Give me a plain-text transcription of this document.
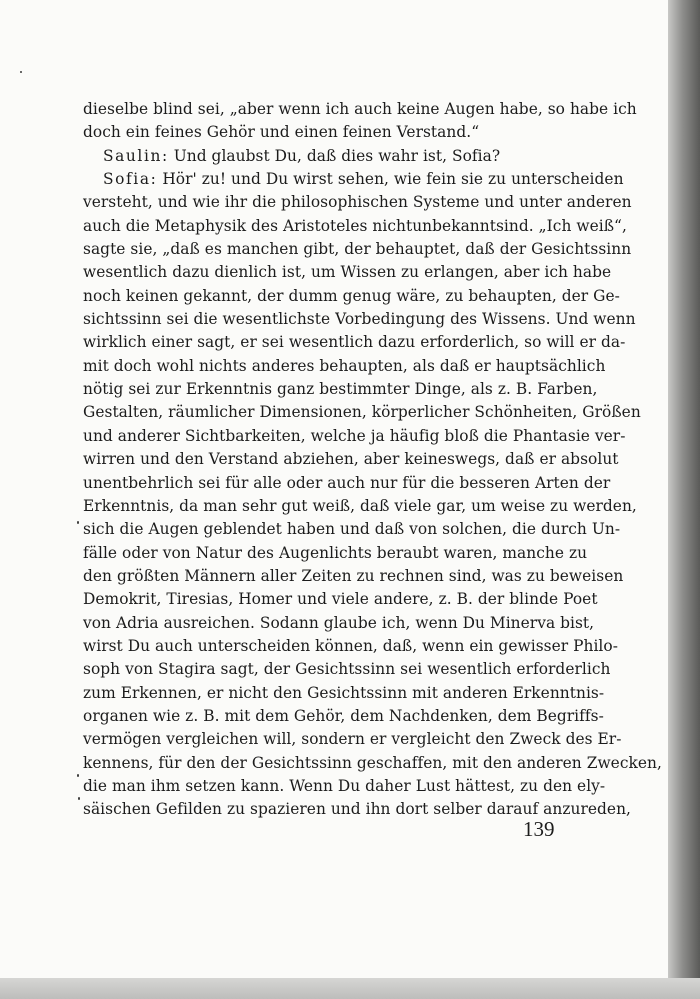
dieselbe blind sei, „aber wenn ich auch keine Augen habe, so habe ich
doch ein feines Gehör und einen feinen Verstand.“
Saulin: Und glaubst Du, daß dies wahr ist, Sofia?
Sofia: Hör' zu! und Du wirst sehen, wie fein sie zu unterscheiden
versteht, und wie ihr die philosophischen Systeme und unter anderen
auch die Metaphysik des Aristoteles nichtunbekanntsind. „Ich weiß“,
sagte sie, „daß es manchen gibt, der behauptet, daß der Gesichtssinn
wesentlich dazu dienlich ist, um Wissen zu erlangen, aber ich habe
noch keinen gekannt, der dumm genug wäre, zu behaupten, der Ge-
sichtssinn sei die wesentlichste Vorbedingung des Wissens. Und wenn
wirklich einer sagt, er sei wesentlich dazu erforderlich, so will er da-
mit doch wohl nichts anderes behaupten, als daß er hauptsächlich
nötig sei zur Erkenntnis ganz bestimmter Dinge, als z. B. Farben,
Gestalten, räumlicher Dimensionen, körperlicher Schönheiten, Größen
und anderer Sichtbarkeiten, welche ja häufig bloß die Phantasie ver-
wirren und den Verstand abziehen, aber keineswegs, daß er absolut
unentbehrlich sei für alle oder auch nur für die besseren Arten der
Erkenntnis, da man sehr gut weiß, daß viele gar, um weise zu werden,
sich die Augen geblendet haben und daß von solchen, die durch Un-
fälle oder von Natur des Augenlichts beraubt waren, manche zu
den größten Männern aller Zeiten zu rechnen sind, was zu beweisen
Demokrit, Tiresias, Homer und viele andere, z. B. der blinde Poet
von Adria ausreichen. Sodann glaube ich, wenn Du Minerva bist,
wirst Du auch unterscheiden können, daß, wenn ein gewisser Philo-
soph von Stagira sagt, der Gesichtssinn sei wesentlich erforderlich
zum Erkennen, er nicht den Gesichtssinn mit anderen Erkenntnis-
organen wie z. B. mit dem Gehör, dem Nachdenken, dem Begriffs-
vermögen vergleichen will, sondern er vergleicht den Zweck des Er-
kennens, für den der Gesichtssinn geschaffen, mit den anderen Zwecken,
die man ihm setzen kann. Wenn Du daher Lust hättest, zu den ely-
säischen Gefilden zu spazieren und ihn dort selber darauf anzureden,
139
